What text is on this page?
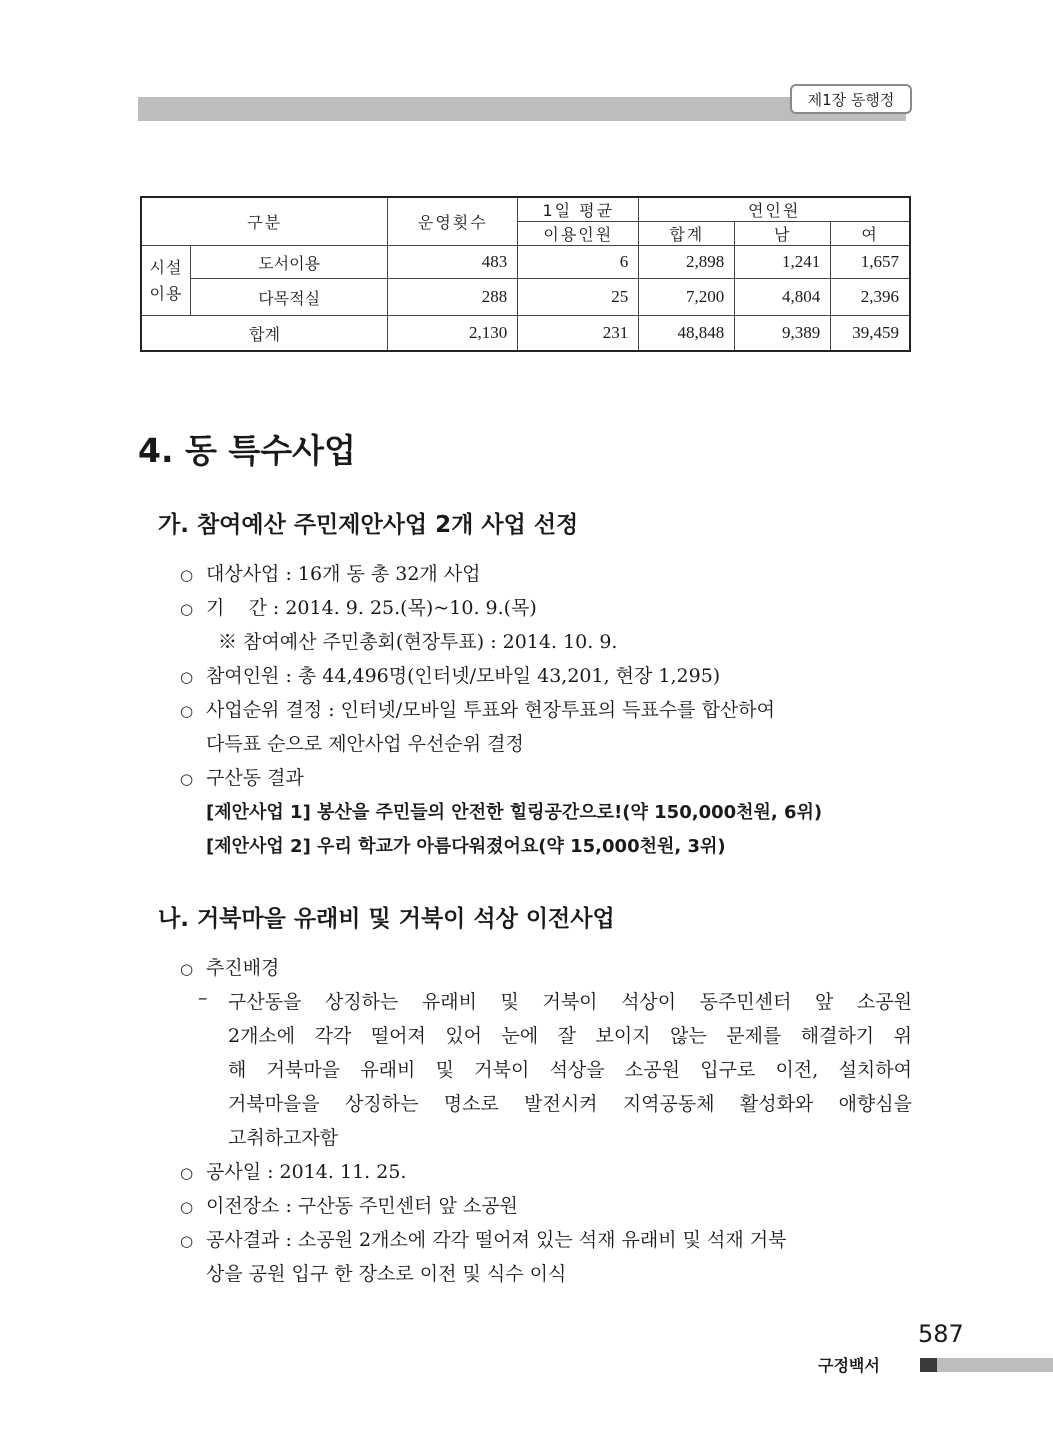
제1장 동행정
구분		운영횟수	1일 평균	연인원		
			이용인원	합계	남	여
시설
이용	도서이용	483	6	2,898	1,241	1,657
	다목적실	288	25	7,200	4,804	2,396
합계		2,130	231	48,848	9,389	39,459
4. 동 특수사업
가. 참여예산 주민제안사업 2개 사업 선정

○ 대상사업 : 16개 동 총 32개 사업

○ 기    간 : 2014. 9. 25.(목)~10. 9.(목)

※ 참여예산 주민총회(현장투표) : 2014. 10. 9.

○ 참여인원 : 총 44,496명(인터넷/모바일 43,201, 현장 1,295)

○ 사업순위 결정 : 인터넷/모바일 투표와 현장투표의 득표수를 합산하여

다득표 순으로 제안사업 우선순위 결정

○ 구산동 결과

[제안사업 1] 봉산을 주민들의 안전한 힐링공간으로!(약 150,000천원, 6위)

[제안사업 2] 우리 학교가 아름다워졌어요(약 15,000천원, 3위)

나. 거북마을 유래비 및 거북이 석상 이전사업

○ 추진배경

– 구산동을 상징하는 유래비 및 거북이 석상이 동주민센터 앞 소공원

2개소에 각각 떨어져 있어 눈에 잘 보이지 않는 문제를 해결하기 위

해 거북마을 유래비 및 거북이 석상을 소공원 입구로 이전, 설치하여

거북마을을 상징하는 명소로 발전시켜 지역공동체 활성화와 애향심을

고취하고자함

○ 공사일 : 2014. 11. 25.

○ 이전장소 : 구산동 주민센터 앞 소공원

○ 공사결과 : 소공원 2개소에 각각 떨어져 있는 석재 유래비 및 석재 거북

상을 공원 입구 한 장소로 이전 및 식수 이식

587

구정백서
